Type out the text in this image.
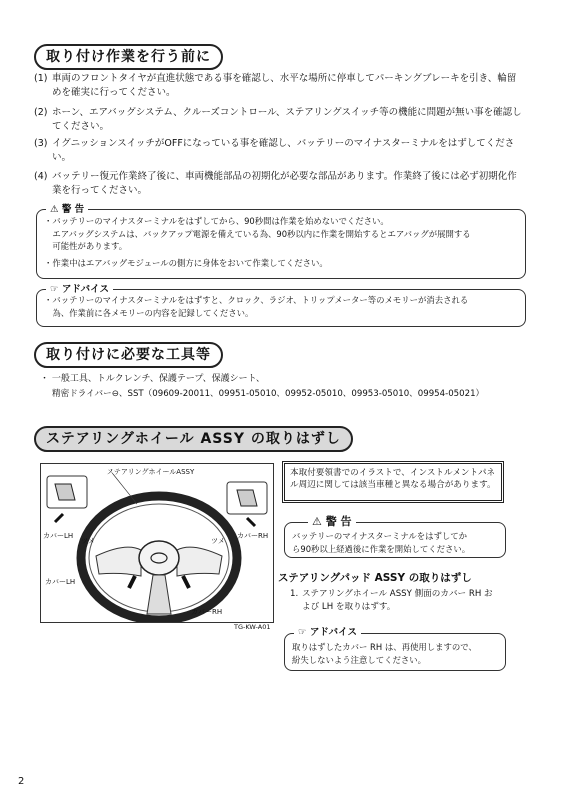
取り付け作業を行う前に
(1) 車両のフロントタイヤが直進状態である事を確認し、水平な場所に停車してパーキングブレーキを引き、輪留めを確実に行ってください。
(2) ホーン、エアバッグシステム、クルーズコントロール、ステアリングスイッチ等の機能に問題が無い事を確認してください。
(3) イグニッションスイッチがOFFになっている事を確認し、バッテリーのマイナスターミナルをはずしてください。
(4) バッテリー復元作業終了後に、車両機能部品の初期化が必要な部品があります。作業終了後には必ず初期化作業を行ってください。
⚠ 警 告
・バッテリーのマイナスターミナルをはずしてから、90秒間は作業を始めないでください。
　エアバッグシステムは、バックアップ電源を備えている為、90秒以内に作業を開始するとエアバッグが展開する
　可能性があります。
・作業中はエアバッグモジュールの側方に身体をおいて作業してください。
☞ アドバイス
・バッテリーのマイナスターミナルをはずすと、クロック、ラジオ、トリップメーター等のメモリーが消去される
　為、作業前に各メモリーの内容を記録してください。
取り付けに必要な工具等
・ 一般工具、トルクレンチ、保護テープ、保護シート、
精密ドライバー⊖、SST（09609-20011、09951-05010、09952-05010、09953-05010、09954-05021）
ステアリングホイール ASSY の取りはずし
ステアリングホイールASSY
カバーLH
ツメ	ツメ
カバーRH
カバーLH
カバーRH
TG-KW-A01
本取付要領書でのイラストで、インストルメントパネル周辺に関しては該当車種と異なる場合があります。
⚠ 警 告
バッテリーのマイナスターミナルをはずしてか
ら90秒以上経過後に作業を開始してください。
ステアリングパッド ASSY の取りはずし
1. ステアリングホイール ASSY 側面のカバー RH お
よび LH を取りはずす。
☞ アドバイス
取りはずしたカバー RH は、再使用しますので、
紛失しないよう注意してください。
2
